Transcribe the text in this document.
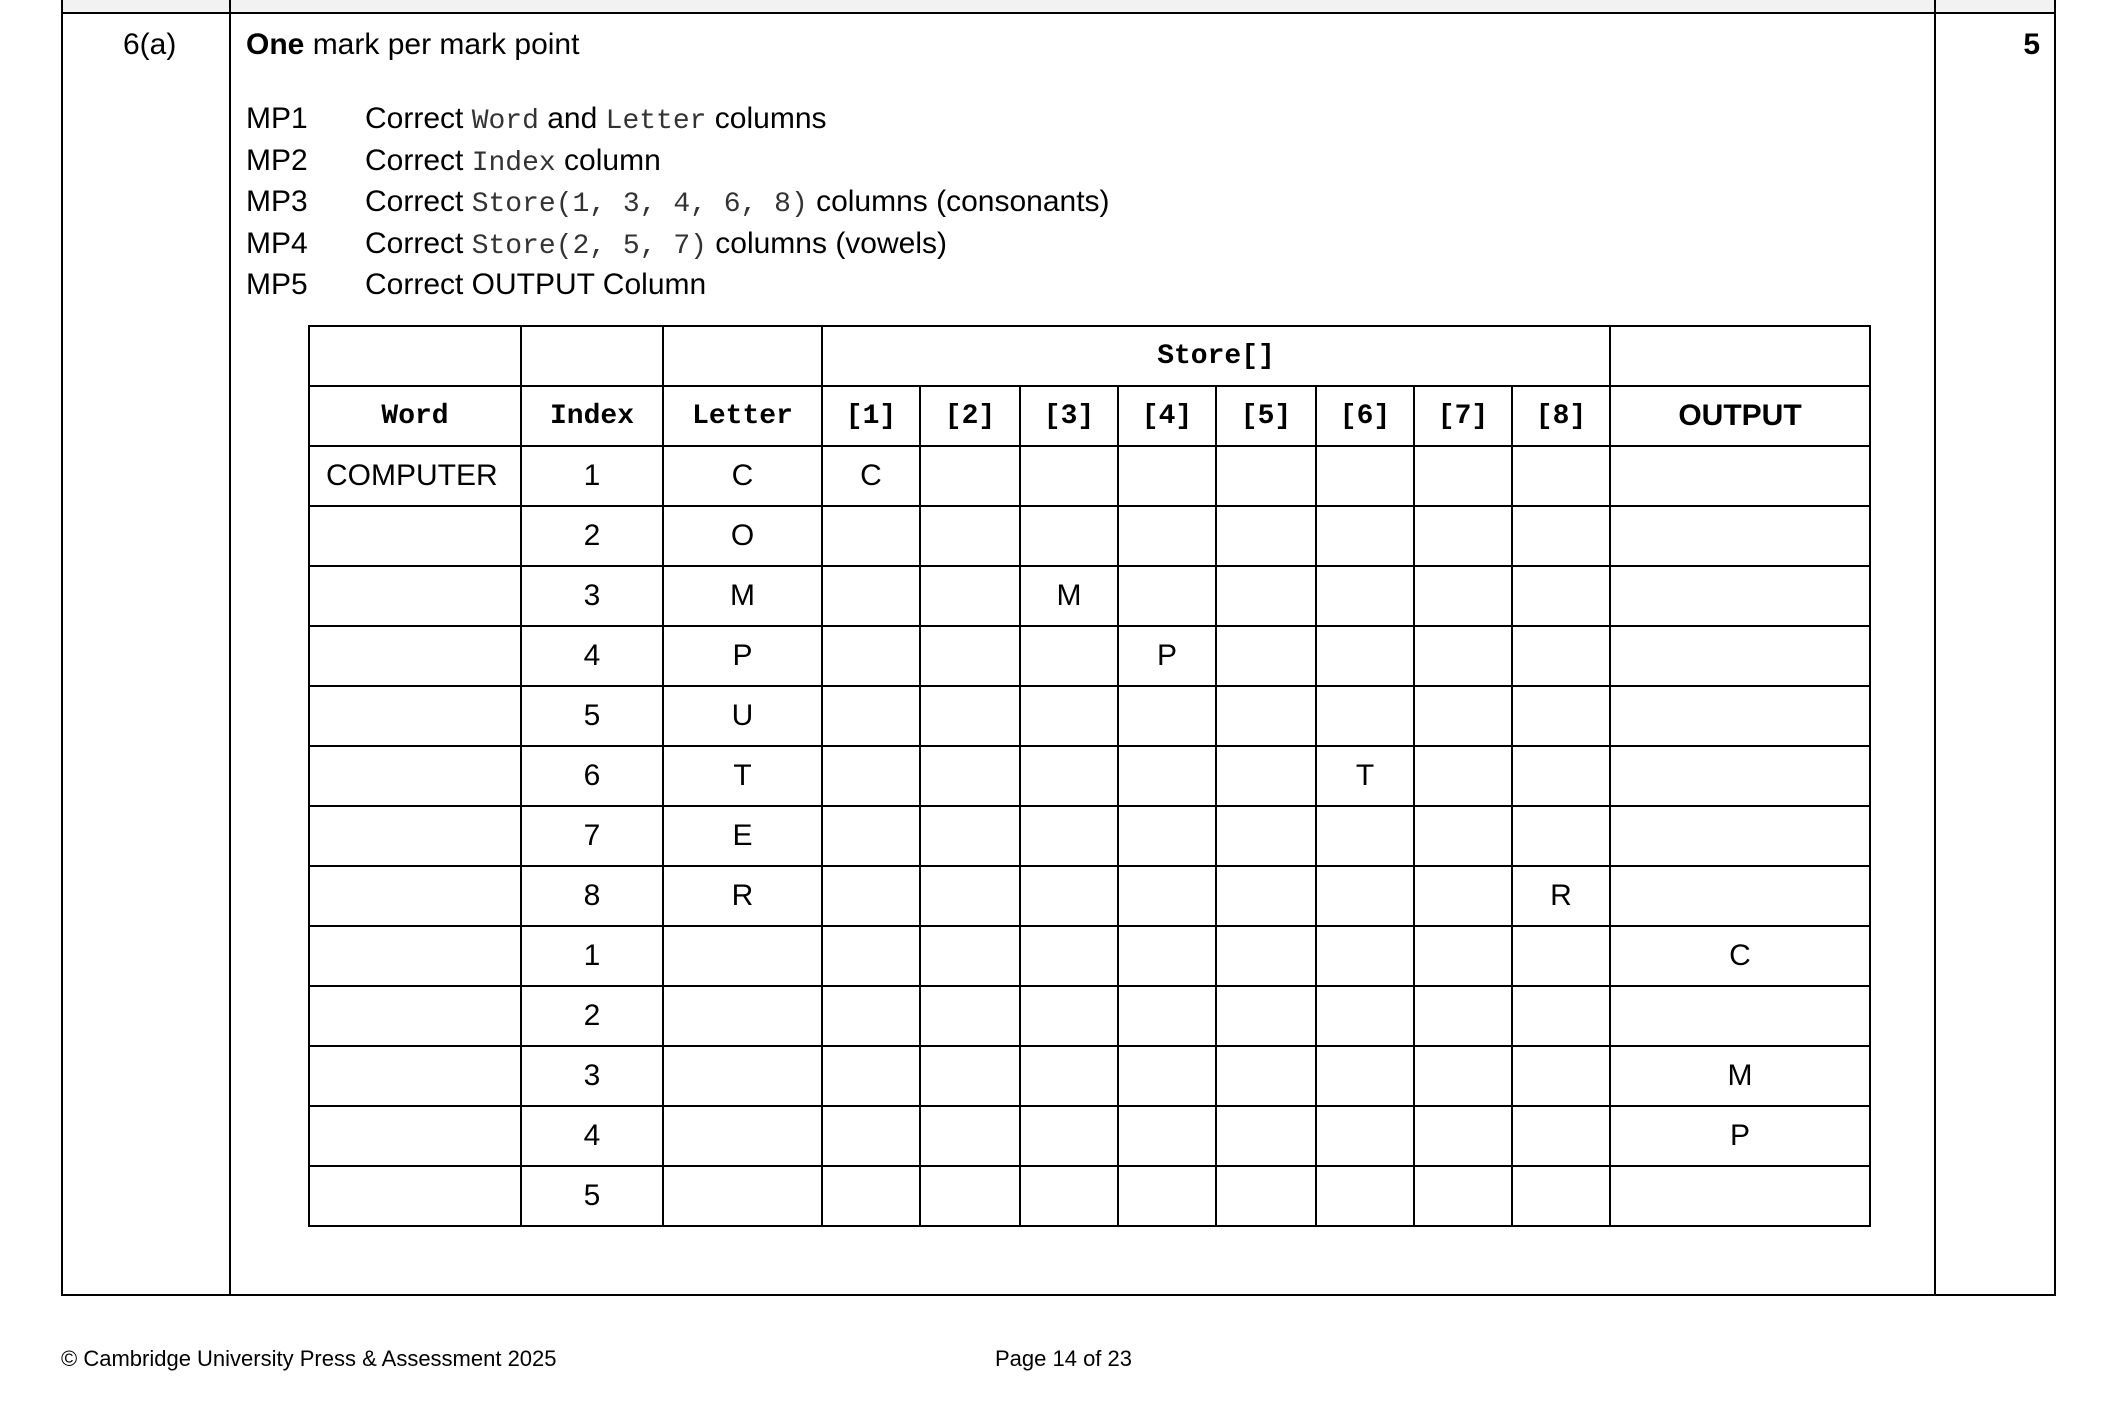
6(a)	5
One mark per mark point
MP1 Correct Word and Letter columns
MP2 Correct Index column
MP3 Correct Store(1, 3, 4, 6, 8) columns (consonants)
MP4 Correct Store(2, 5, 7) columns (vowels)
MP5 Correct OUTPUT Column
			Store[]								
Word	Index	Letter	[1]	[2]	[3]	[4]	[5]	[6]	[7]	[8]	OUTPUT
COMPUTER	1	C	C								
	2	O									
	3	M			M						
	4	P				P					
	5	U									
	6	T						T			
	7	E									
	8	R								R	
	1										C
	2										
	3										M
	4										P
	5										
© Cambridge University Press & Assessment 2025	Page 14 of 23
